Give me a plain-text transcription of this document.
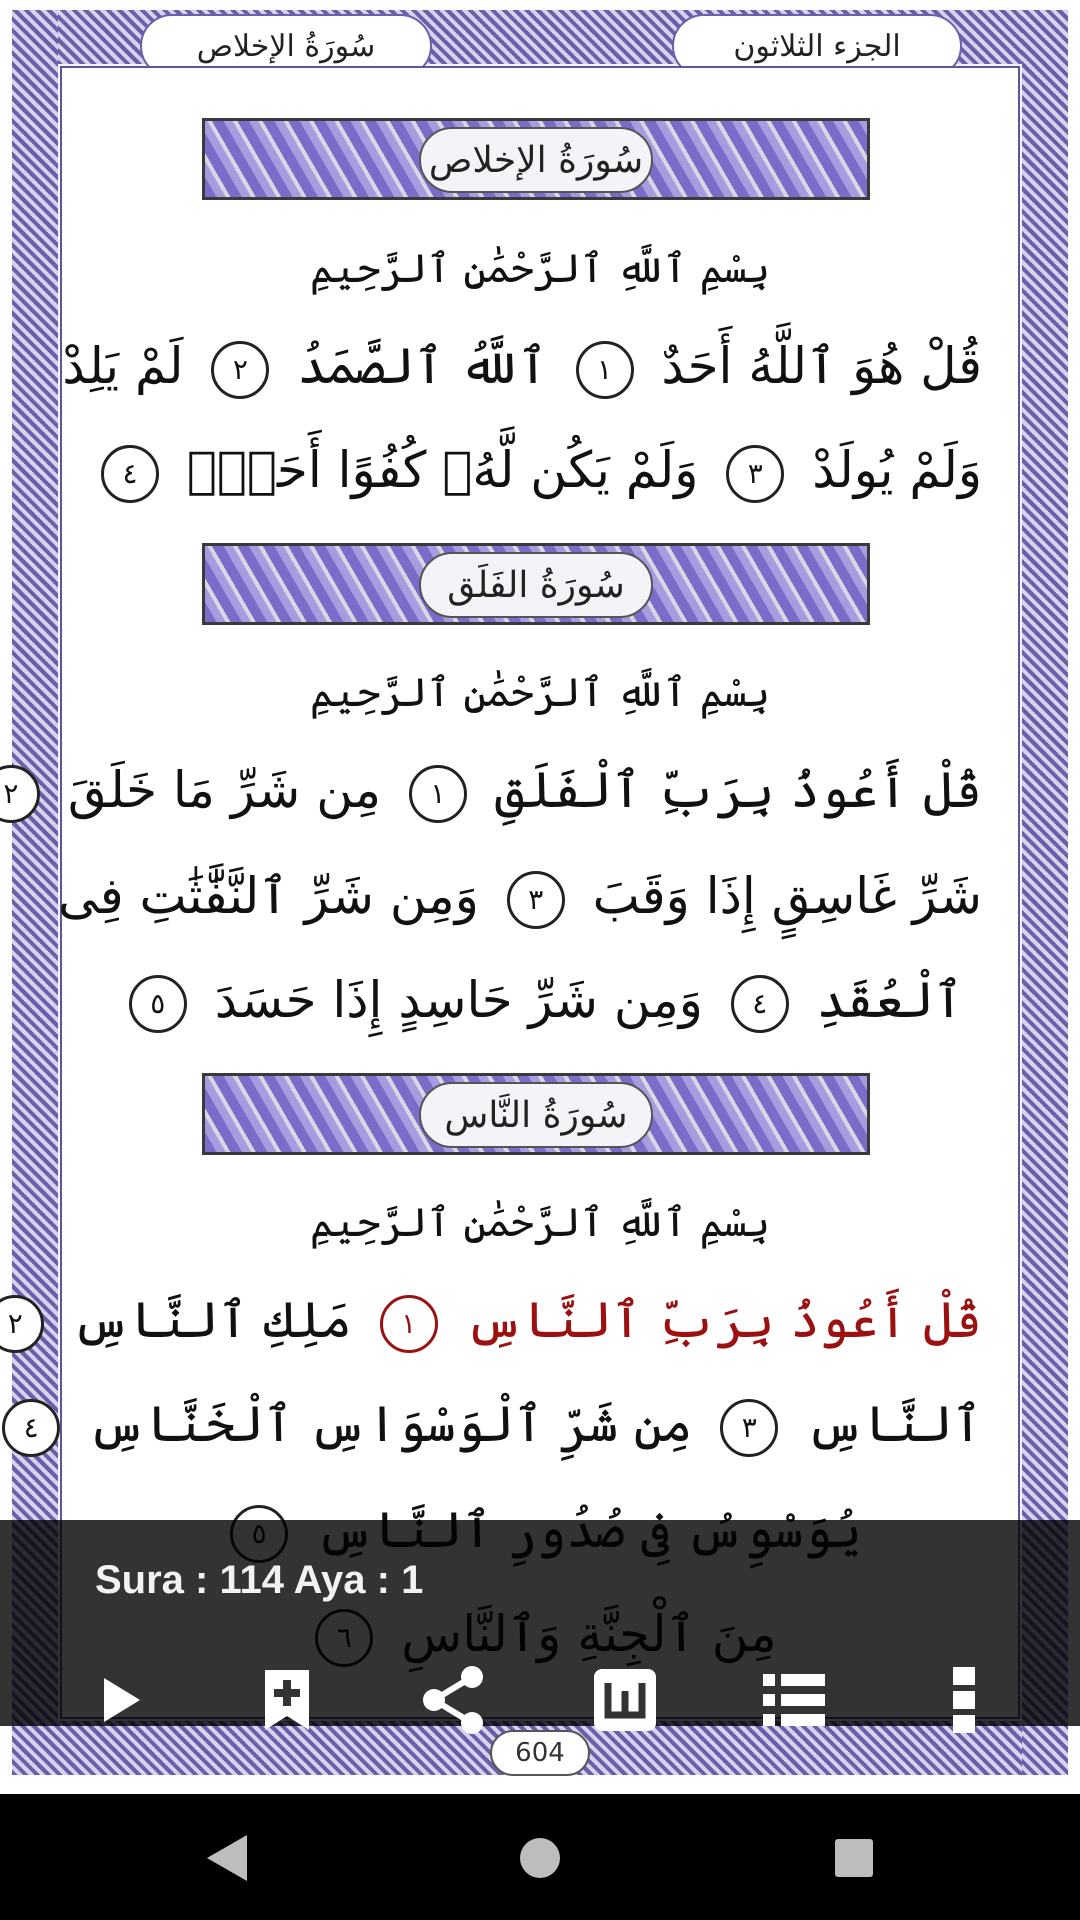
سُورَةُ الإخلاص	الجزء الثلاثون
سُورَةُ الإخلاص
بِسْمِ ٱللَّهِ ٱلرَّحْمَٰنِ ٱلرَّحِيمِ
قُلْ هُوَ ٱللَّهُ أَحَدٌ ١ ٱللَّهُ ٱلصَّمَدُ ٢ لَمْ يَلِدْ
وَلَمْ يُولَدْ ٣ وَلَمْ يَكُن لَّهُۥ كُفُوًا أَحَدٌۢ ٤
سُورَةُ الفَلَق
بِسْمِ ٱللَّهِ ٱلرَّحْمَٰنِ ٱلرَّحِيمِ
قُلْ أَعُوذُ بِرَبِّ ٱلْفَلَقِ ١ مِن شَرِّ مَا خَلَقَ ٢
شَرِّ غَاسِقٍ إِذَا وَقَبَ ٣ وَمِن شَرِّ ٱلنَّفَّٰثَٰتِ فِى
ٱلْعُقَدِ ٤ وَمِن شَرِّ حَاسِدٍ إِذَا حَسَدَ ٥
سُورَةُ النَّاس
بِسْمِ ٱللَّهِ ٱلرَّحْمَٰنِ ٱلرَّحِيمِ
قُلْ أَعُوذُ بِرَبِّ ٱلنَّاسِ ١ مَلِكِ ٱلنَّاسِ ٢
ٱلنَّاسِ ٣ مِن شَرِّ ٱلْوَسْوَاسِ ٱلْخَنَّاسِ ٤
Sura : 114 Aya : 1
604
